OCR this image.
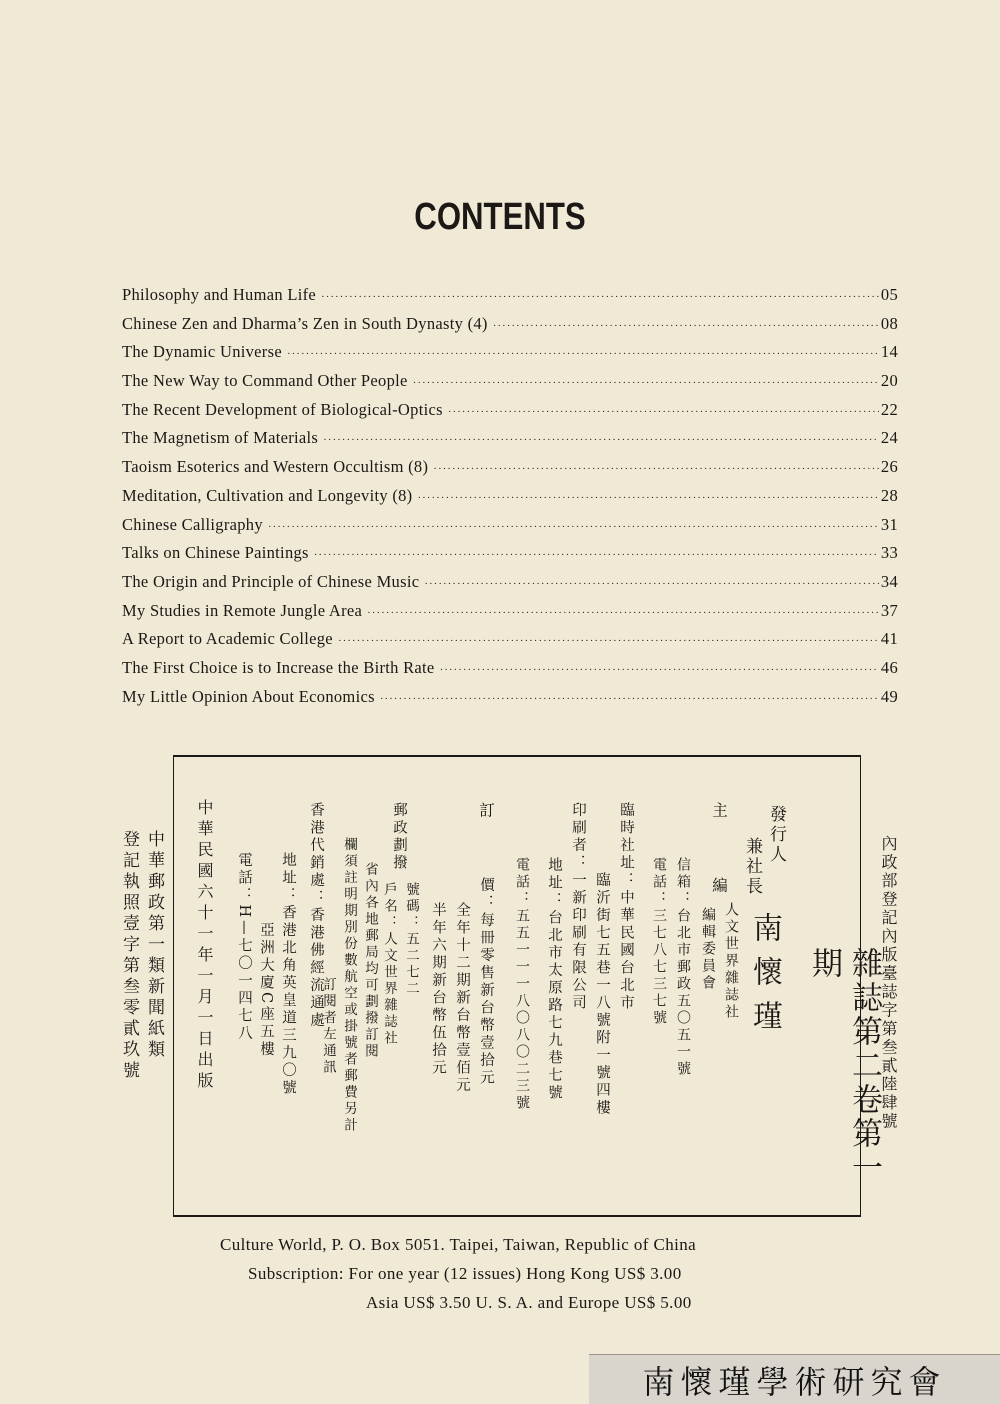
CONTENTS
Philosophy and Human Life ·····	05
Chinese Zen and Dharma’s Zen in South Dynasty (4) ·····	08
The Dynamic Universe ·····	14
The New Way to Command Other People ·····	20
The Recent Development of Biological-Optics ·····	22
The Magnetism of Materials ·····	24
Taoism Esoterics and Western Occultism (8) ·····	26
Meditation, Cultivation and Longevity (8) ·····	28
Chinese Calligraphy ·····	31
Talks on Chinese Paintings ·····	33
The Origin and Principle of Chinese Music ·····	34
My Studies in Remote Jungle Area ·····	37
A Report to Academic College ·····	41
The First Choice is to Increase the Birth Rate ·····	46
My Little Opinion About Economics ·····	49
中華郵政第一類新聞紙類
登記執照壹字第叁零貳玖號	內政部登記內版臺誌字第叁貳陸肆號
雜誌第二卷第一期
發行人
兼社長
南懷瑾
主
編
人文世界雜誌社
編輯委員會
信箱：台北市郵政五〇五一號
電話：三七八七三七號
臨時社址：中華民國台北市
臨沂街七五巷一八號附一號四樓
印刷者：一新印刷有限公司
地址：台北市太原路七九巷七號
電話：五五一一一八〇八〇二三號
訂
價：每冊零售新台幣壹拾元
全年十二期新台幣壹佰元
半年六期新台幣伍拾元
郵政劃撥
號碼：五二七二
戶名：人文世界雜誌社
省內各地郵局均可劃撥訂閱
欄須註明期別份數航空或掛號者郵費另計
訂閱者左通訊
香港代銷處：香港佛經流通處
地址：香港北角英皇道三九〇號
亞洲大廈C座五樓
電話：H—七〇一四七八
中華民國六十一年一月一日出版
Culture World, P. O. Box 5051. Taipei, Taiwan, Republic of China
Subscription: For one year (12 issues) Hong Kong US$ 3.00
Asia US$ 3.50 U. S. A. and Europe US$ 5.00
南懷瑾學術研究會
